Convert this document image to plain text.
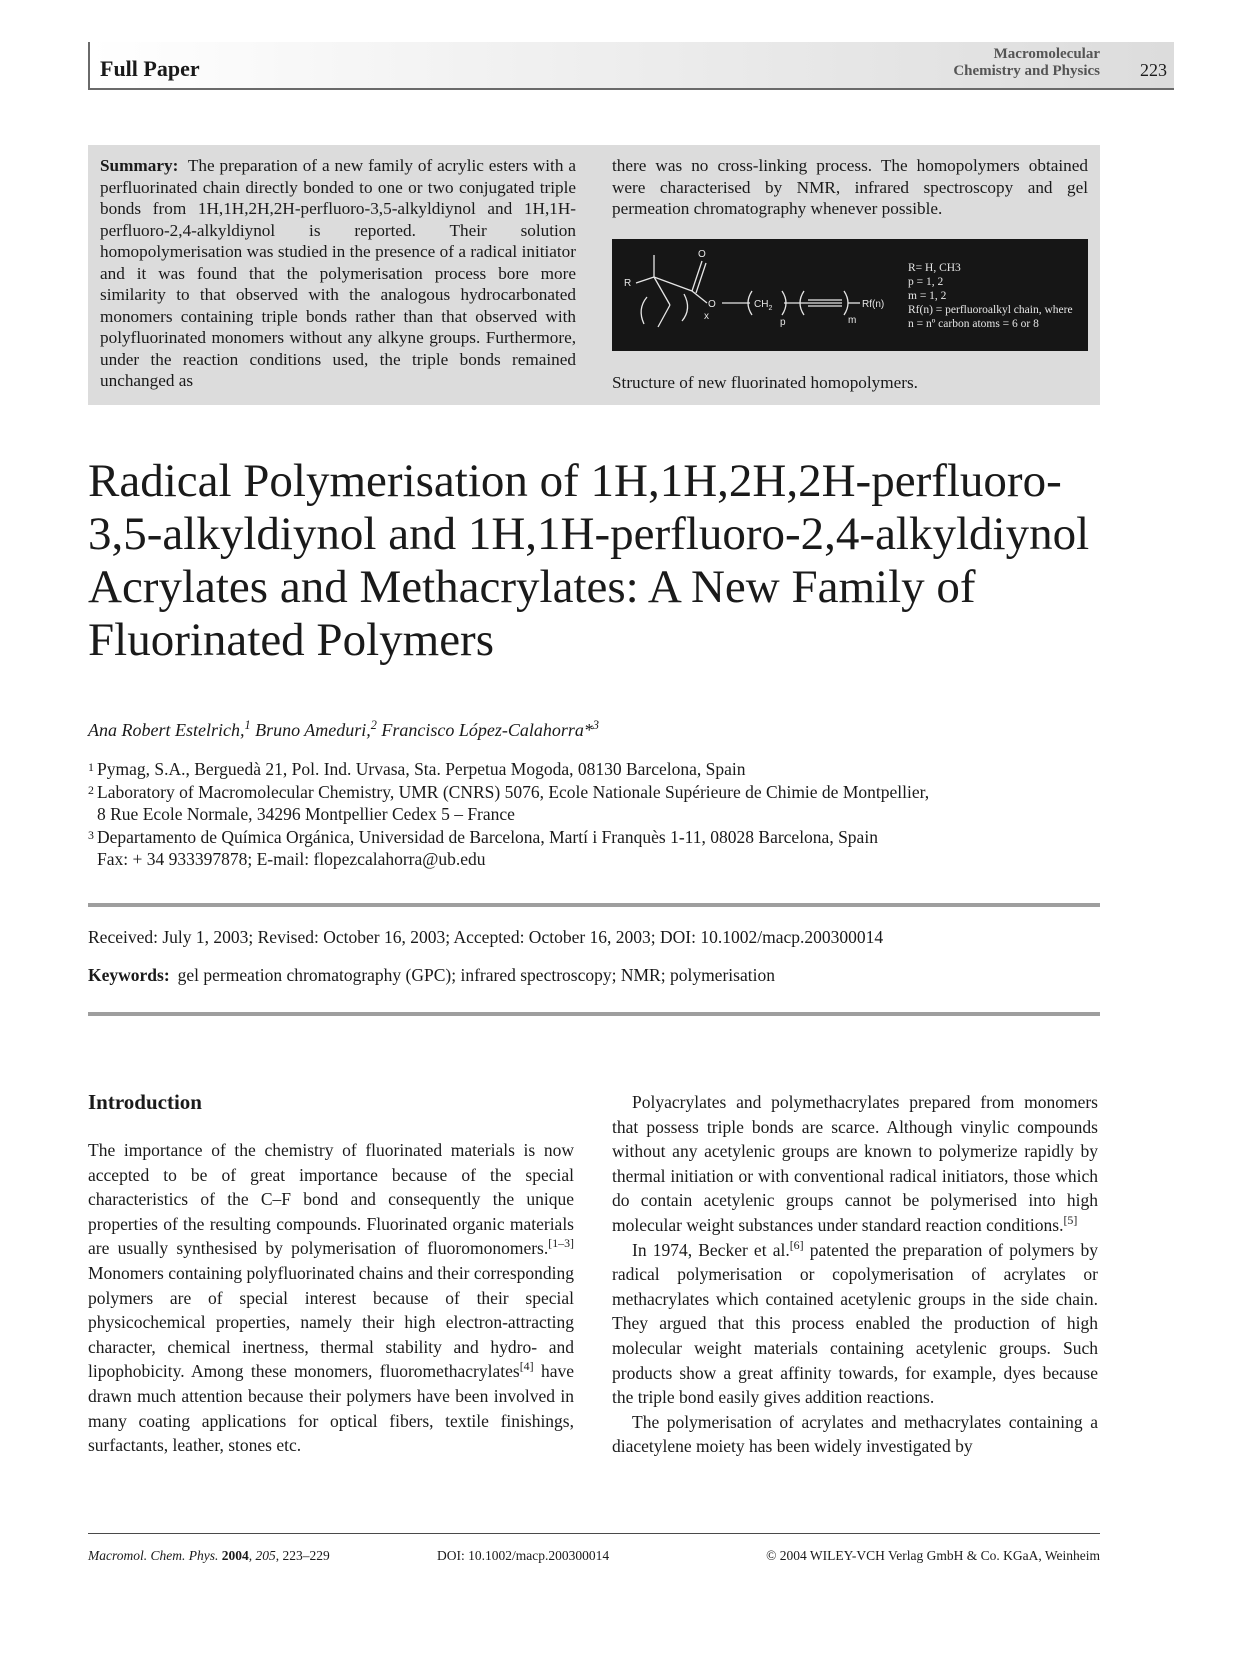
Full Paper
Macromolecular
Chemistry and Physics 223
Summary: The preparation of a new family of acrylic esters with a perfluorinated chain directly bonded to one or two conjugated triple bonds from 1H,1H,2H,2H-perfluoro-3,5-alkyldiynol and 1H,1H-perfluoro-2,4-alkyldiynol is reported. Their solution homopolymerisation was studied in the presence of a radical initiator and it was found that the polymerisation process bore more similarity to that observed with the analogous hydrocarbonated monomers containing triple bonds rather than that observed with polyfluorinated monomers without any alkyne groups. Furthermore, under the reaction conditions used, the triple bonds remained unchanged as
there was no cross-linking process. The homopolymers obtained were characterised by NMR, infrared spectroscopy and gel permeation chromatography whenever possible.
R
O
O	$CH_2$
x
p	m
Rf(n)
R= H, CH3
p = 1, 2
m = 1, 2
Rf(n) = perfluoroalkyl chain, where
n = nº carbon atoms = 6 or 8
Structure of new fluorinated homopolymers.
Radical Polymerisation of 1H,1H,2H,2H-perfluoro-3,5-alkyldiynol and 1H,1H-perfluoro-2,4-alkyldiynol Acrylates and Methacrylates: A New Family of Fluorinated Polymers
Ana Robert Estelrich,$^1$ Bruno Ameduri,$^2$ Francisco López-Calahorra*$^3$
1 Pymag, S.A., Berguedà 21, Pol. Ind. Urvasa, Sta. Perpetua Mogoda, 08130 Barcelona, Spain
2 Laboratory of Macromolecular Chemistry, UMR (CNRS) 5076, Ecole Nationale Supérieure de Chimie de Montpellier,
8 Rue Ecole Normale, 34296 Montpellier Cedex 5 – France
3 Departamento de Química Orgánica, Universidad de Barcelona, Martí i Franquès 1-11, 08028 Barcelona, Spain
Fax: + 34 933397878; E-mail: flopezcalahorra@ub.edu
Received: July 1, 2003; Revised: October 16, 2003; Accepted: October 16, 2003; DOI: 10.1002/macp.200300014
Keywords: gel permeation chromatography (GPC); infrared spectroscopy; NMR; polymerisation
Introduction

The importance of the chemistry of fluorinated materials is now accepted to be of great importance because of the special characteristics of the C–F bond and consequently the unique properties of the resulting compounds. Fluorinated organic materials are usually synthesised by polymerisation of fluoromonomers.[1–3] Monomers containing polyfluorinated chains and their corresponding polymers are of special interest because of their special physicochemical properties, namely their high electron-attracting character, chemical inertness, thermal stability and hydro- and lipophobicity. Among these monomers, fluoromethacrylates[4] have drawn much attention because their polymers have been involved in many coating applications for optical fibers, textile finishings, surfactants, leather, stones etc.

Polyacrylates and polymethacrylates prepared from monomers that possess triple bonds are scarce. Although vinylic compounds without any acetylenic groups are known to polymerize rapidly by thermal initiation or with conventional radical initiators, those which do contain acetylenic groups cannot be polymerised into high molecular weight substances under standard reaction conditions.[5]

In 1974, Becker et al.[6] patented the preparation of polymers by radical polymerisation or copolymerisation of acrylates or methacrylates which contained acetylenic groups in the side chain. They argued that this process enabled the production of high molecular weight materials containing acetylenic groups. Such products show a great affinity towards, for example, dyes because the triple bond easily gives addition reactions.

The polymerisation of acrylates and methacrylates containing a diacetylene moiety has been widely investigated by

Macromol. Chem. Phys. 2004, 205, 223–229	DOI: 10.1002/macp.200300014	© 2004 WILEY-VCH Verlag GmbH & Co. KGaA, Weinheim
